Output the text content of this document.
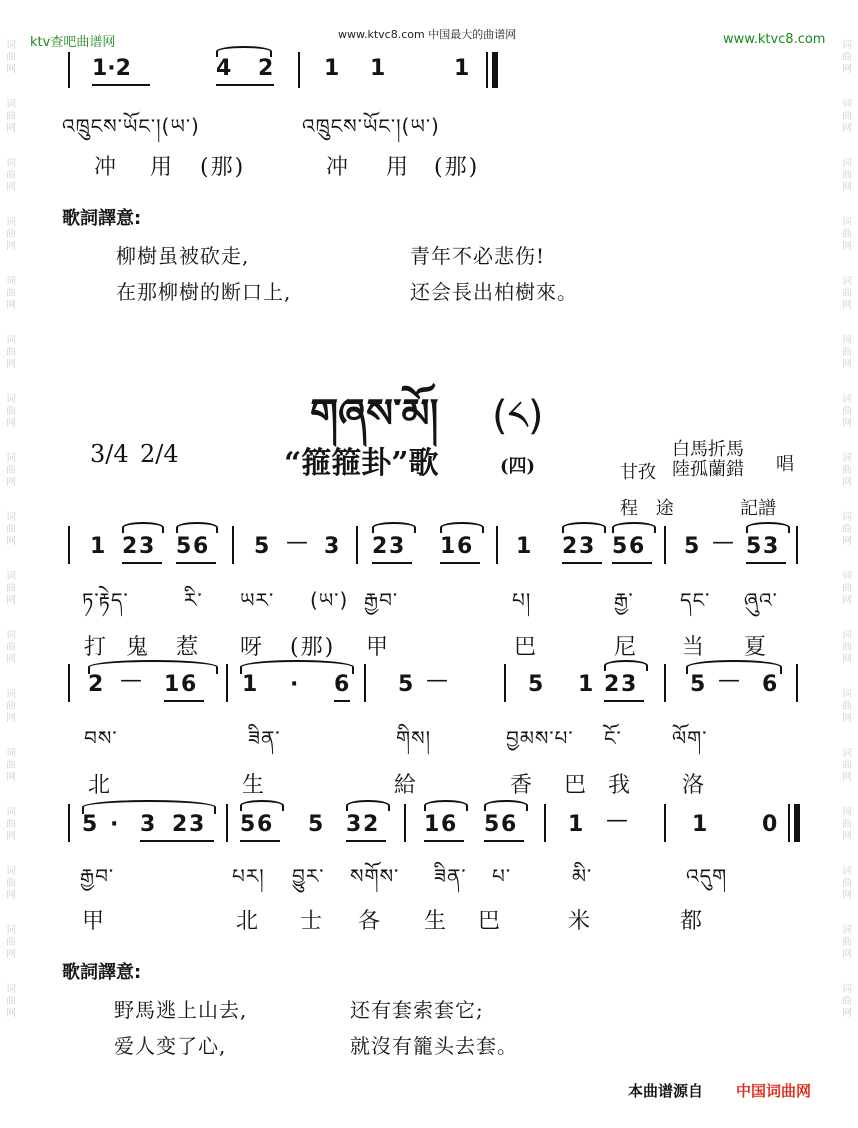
词
曲
网
词
曲
网
词
曲
网
词
曲
网
词
曲
网
词
曲
网
词
曲
网
词
曲
网
词
曲
网
词
曲
网
词
曲
网
词
曲
网
词
曲
网
词
曲
网
词
曲
网
词
曲
网
词
曲
网
词
曲
网
词
曲
网
词
曲
网
词
曲
网
词
曲
网
词
曲
网
词
曲
网
词
曲
网
词
曲
网
词
曲
网
词
曲
网
词
曲
网
词
曲
网
词
曲
网
词
曲
网
词
曲
网
词
曲
网
ktv查吧曲谱网
www.ktvc8.com 中国最大的曲谱网	www.ktvc8.com
1·2	4 2 1 1	1
འཁྲུངས་ཡོང་།(ཡ་)	འཁྲུངས་ཡོང་།(ཡ་)
冲 用 (那)	冲 用 (那)
歌詞譯意:
柳樹虽被砍走,	青年不必悲伤!
在那柳樹的断口上,	还会長出柏樹來。
གཞས་མོ། (༨)
3/4 2/4	“箍箍卦”歌	(四)	甘孜
白馬折馬
陸孤蘭錯 唱
程 途	記譜
1 2 3 5 6 5 — 3 2 3 1 6 1 2 3 5 6 5 — 5 3
ཏ་རྟེད་	རི་ ཡར་ (ཡ་) རྒྱབ་	པ།	རྒྱ་ དང་ ཞུའ་
打 鬼 惹 呀 (那) 甲	巴	尼 当 夏
2 — 1 6 1 · 6 5 —	5 1 2 3	5 — 6
བས་	ཟིན་	གིས།	བྱམས་པ་ ངོ་	ལོག་
北	生	給	香 巴 我 洛
5 · 3 2 3 5 6 5 3 2 1 6 5 6 1 —	1 0
རྒྱབ་	པར། བྱུར་ སགོས་ ཟིན་ པ་	མི་	འདུག
甲	北 士 各 生 巴	米	都
歌詞譯意:
野馬逃上山去,	还有套索套它;
爱人变了心,	就沒有籠头去套。
本曲谱源自 中国词曲网
